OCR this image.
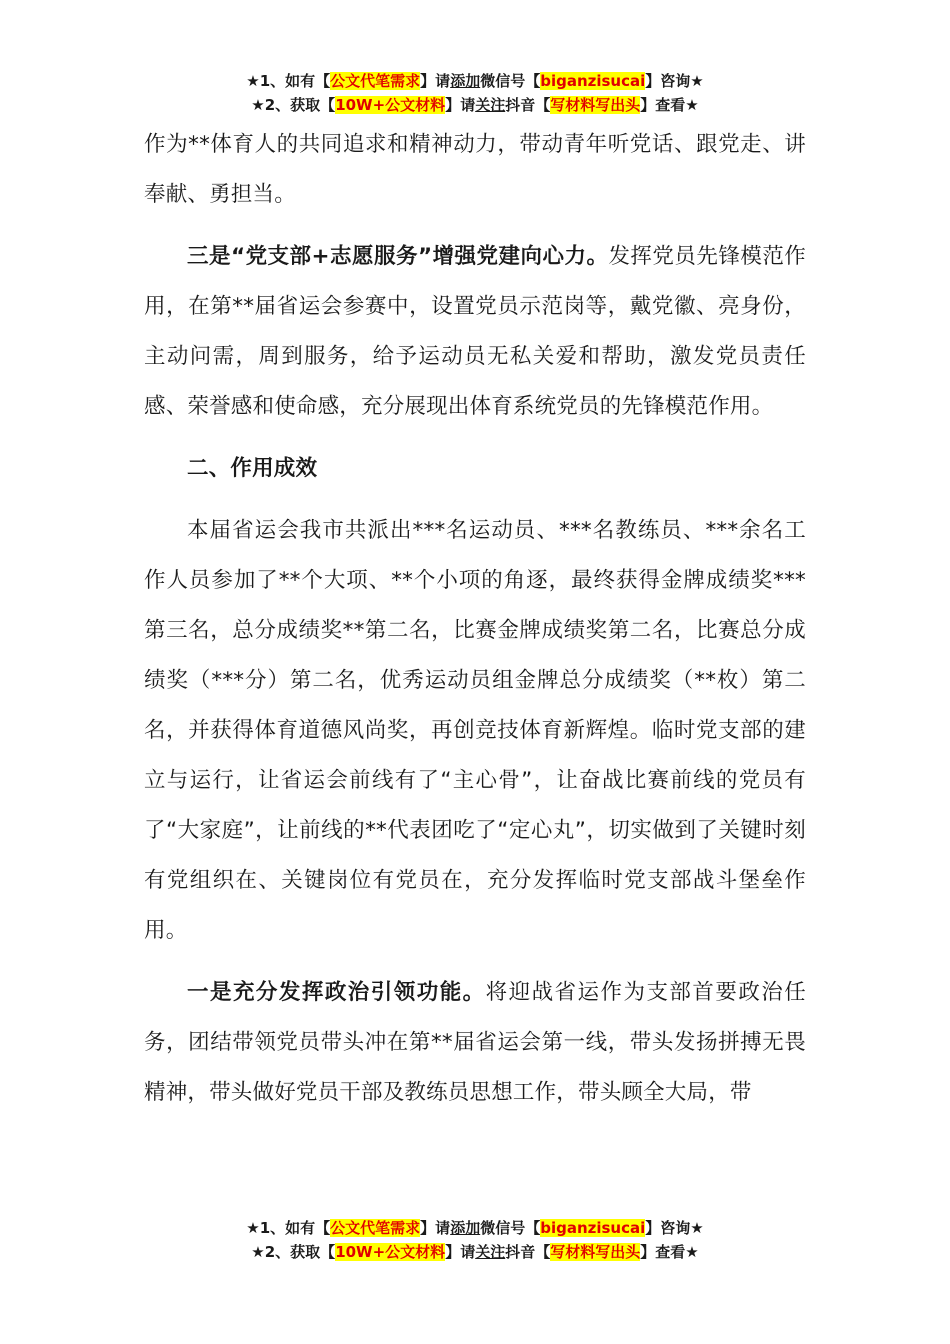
★1、如有【公文代笔需求】请添加微信号【biganzisucai】咨询★
★2、获取【10W+公文材料】请关注抖音【写材料写出头】查看★

作为**体育人的共同追求和精神动力，带动青年听党话、跟党走、讲奉献、勇担当。

三是“党支部+志愿服务”增强党建向心力。发挥党员先锋模范作用，在第**届省运会参赛中，设置党员示范岗等，戴党徽、亮身份，主动问需，周到服务，给予运动员无私关爱和帮助，激发党员责任感、荣誉感和使命感，充分展现出体育系统党员的先锋模范作用。

二、作用成效

本届省运会我市共派出***名运动员、***名教练员、***余名工作人员参加了**个大项、**个小项的角逐，最终获得金牌成绩奖***第三名，总分成绩奖**第二名，比赛金牌成绩奖第二名，比赛总分成绩奖（***分）第二名，优秀运动员组金牌总分成绩奖（**枚）第二名，并获得体育道德风尚奖，再创竞技体育新辉煌。临时党支部的建立与运行，让省运会前线有了“主心骨”，让奋战比赛前线的党员有了“大家庭”，让前线的**代表团吃了“定心丸”，切实做到了关键时刻有党组织在、关键岗位有党员在，充分发挥临时党支部战斗堡垒作用。

一是充分发挥政治引领功能。将迎战省运作为支部首要政治任务，团结带领党员带头冲在第**届省运会第一线，带头发扬拼搏无畏精神，带头做好党员干部及教练员思想工作，带头顾全大局，带

★1、如有【公文代笔需求】请添加微信号【biganzisucai】咨询★
★2、获取【10W+公文材料】请关注抖音【写材料写出头】查看★
